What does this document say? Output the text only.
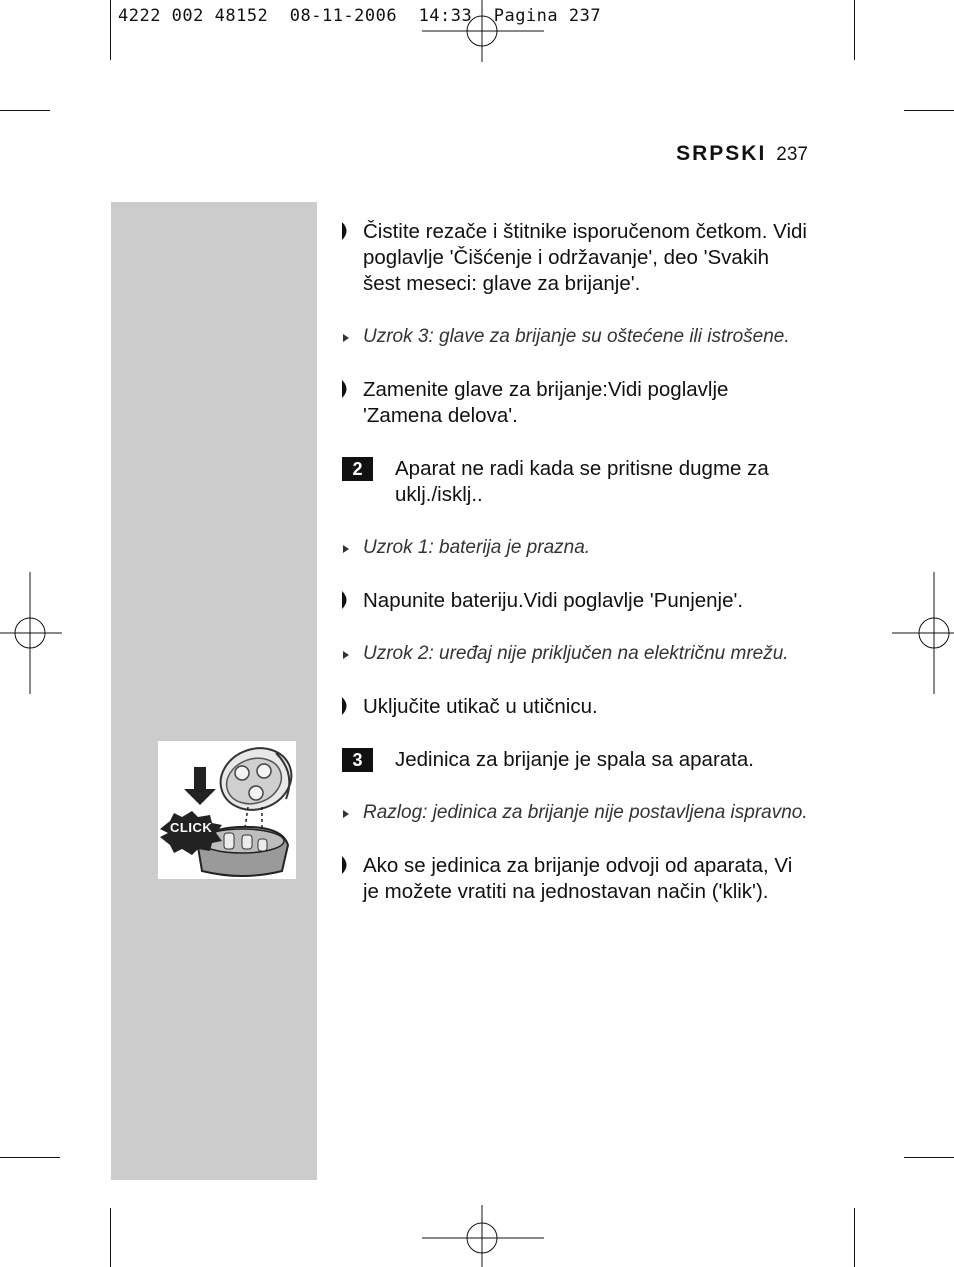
4222 002 48152  08-11-2006  14:33  Pagina 237
SRPSKI 237
CLICK
Čistite rezače i štitnike isporučenom četkom. Vidi poglavlje 'Čišćenje i održavanje', deo 'Svakih šest meseci: glave za brijanje'.
Uzrok 3: glave za brijanje su oštećene ili istrošene.
Zamenite glave za brijanje:Vidi poglavlje 'Zamena delova'.
2	Aparat ne radi kada se pritisne dugme za uklj./isklj..
Uzrok 1: baterija je prazna.
Napunite bateriju.Vidi poglavlje 'Punjenje'.
Uzrok 2: uređaj nije priključen na električnu mrežu.
Uključite utikač u utičnicu.
3	Jedinica za brijanje je spala sa aparata.
Razlog: jedinica za brijanje nije postavljena ispravno.
Ako se jedinica za brijanje odvoji od aparata, Vi je možete vratiti na jednostavan način ('klik').
